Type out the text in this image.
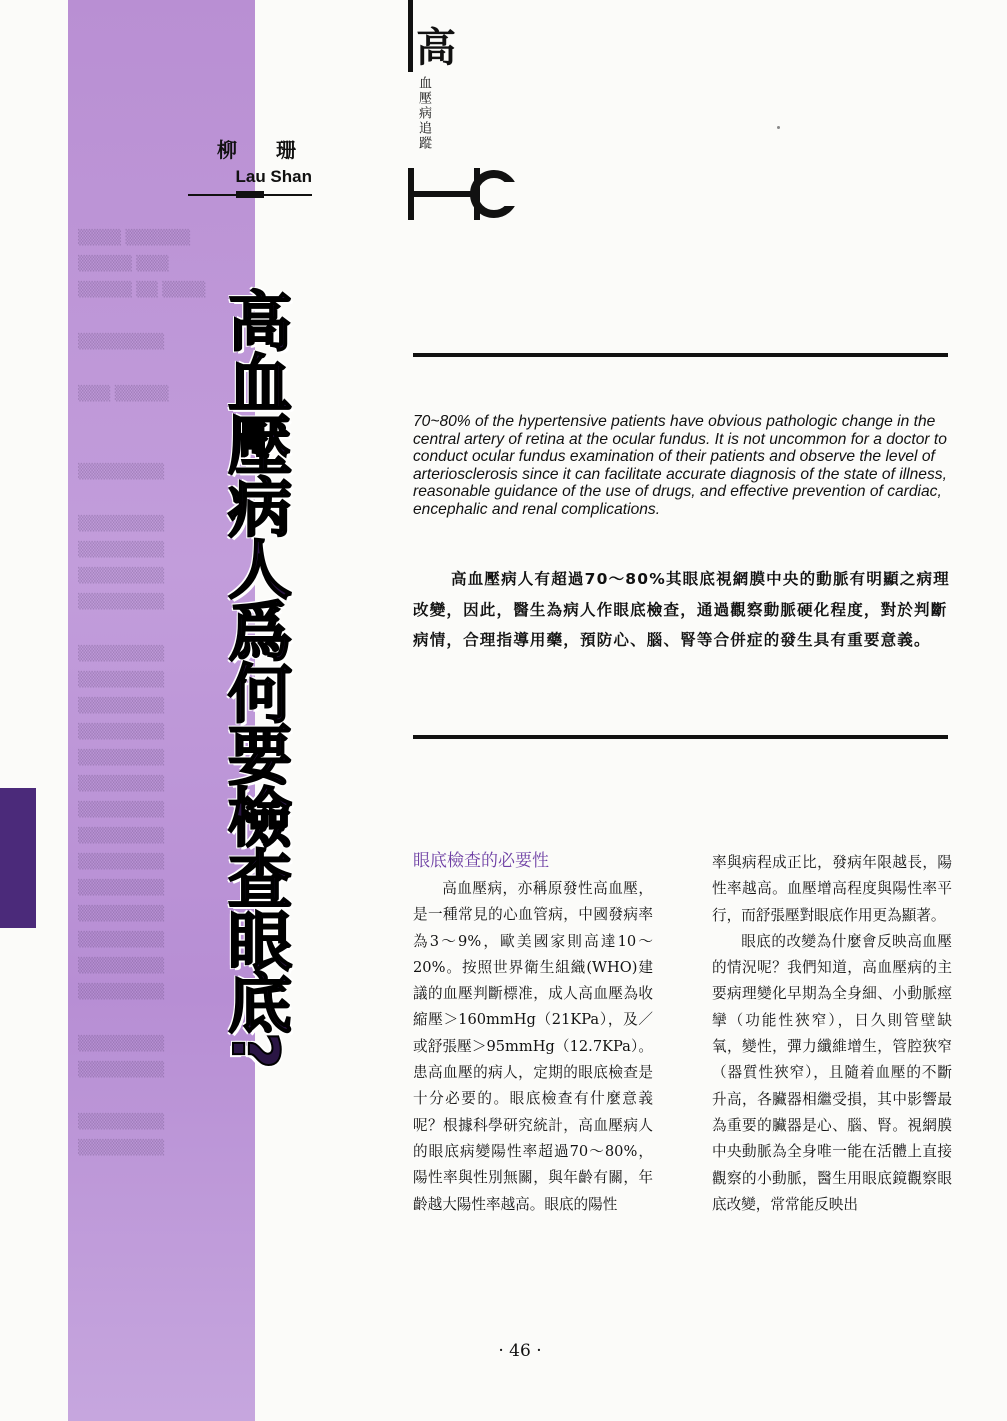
▒▒▒▒ ▒▒▒▒▒▒
▒▒▒▒▒ ▒▒▒
▒▒▒▒▒ ▒▒ ▒▒▒▒

▒▒▒▒▒▒▒▒

▒▒▒ ▒▒▒▒▒

▒▒▒▒▒▒▒▒

▒▒▒▒▒▒▒▒
▒▒▒▒▒▒▒▒
▒▒▒▒▒▒▒▒
▒▒▒▒▒▒▒▒

▒▒▒▒▒▒▒▒
▒▒▒▒▒▒▒▒
▒▒▒▒▒▒▒▒
▒▒▒▒▒▒▒▒
▒▒▒▒▒▒▒▒
▒▒▒▒▒▒▒▒
▒▒▒▒▒▒▒▒
▒▒▒▒▒▒▒▒
▒▒▒▒▒▒▒▒
▒▒▒▒▒▒▒▒
▒▒▒▒▒▒▒▒
▒▒▒▒▒▒▒▒
▒▒▒▒▒▒▒▒
▒▒▒▒▒▒▒▒

▒▒▒▒▒▒▒▒
▒▒▒▒▒▒▒▒

▒▒▒▒▒▒▒▒
▒▒▒▒▒▒▒▒
高
血壓病追蹤
柳 珊
Lau Shan
高血壓病人爲何要檢查眼底?	70~80% of the hypertensive patients have obvious pathologic change in the central artery of retina at the ocular fundus. It is not uncommon for a doctor to conduct ocular fundus examination of their patients and observe the level of arteriosclerosis since it can facilitate accurate diagnosis of the state of illness, reasonable guidance of the use of drugs, and effective prevention of cardiac, encephalic and renal complications.
高血壓病人有超過70～80%其眼底視網膜中央的動脈有明顯之病理改變，因此，醫生為病人作眼底檢查，通過觀察動脈硬化程度，對於判斷病情，合理指導用藥，預防心、腦、腎等合併症的發生具有重要意義。
眼底檢查的必要性

高血壓病，亦稱原發性高血壓，是一種常見的心血管病，中國發病率為3～9%，歐美國家則高達10～20%。按照世界衛生組織(WHO)建議的血壓判斷標准，成人高血壓為收縮壓＞160mmHg（21KPa），及／或舒張壓＞95mmHg（12.7KPa）。患高血壓的病人，定期的眼底檢查是十分必要的。眼底檢查有什麼意義呢？根據科學研究統計，高血壓病人的眼底病變陽性率超過70～80%，陽性率與性別無關，與年齡有關，年齡越大陽性率越高。眼底的陽性

率與病程成正比，發病年限越長，陽性率越高。血壓增高程度與陽性率平行，而舒張壓對眼底作用更為顯著。

眼底的改變為什麼會反映高血壓的情況呢？我們知道，高血壓病的主要病理變化早期為全身細、小動脈痙攣（功能性狹窄），日久則管壁缺氧，變性，彈力纖維增生，管腔狹窄（器質性狹窄），且隨着血壓的不斷升高，各臟器相繼受損，其中影響最為重要的臟器是心、腦、腎。視網膜中央動脈為全身唯一能在活體上直接觀察的小動脈，醫生用眼底鏡觀察眼底改變，常常能反映出

· 46 ·
